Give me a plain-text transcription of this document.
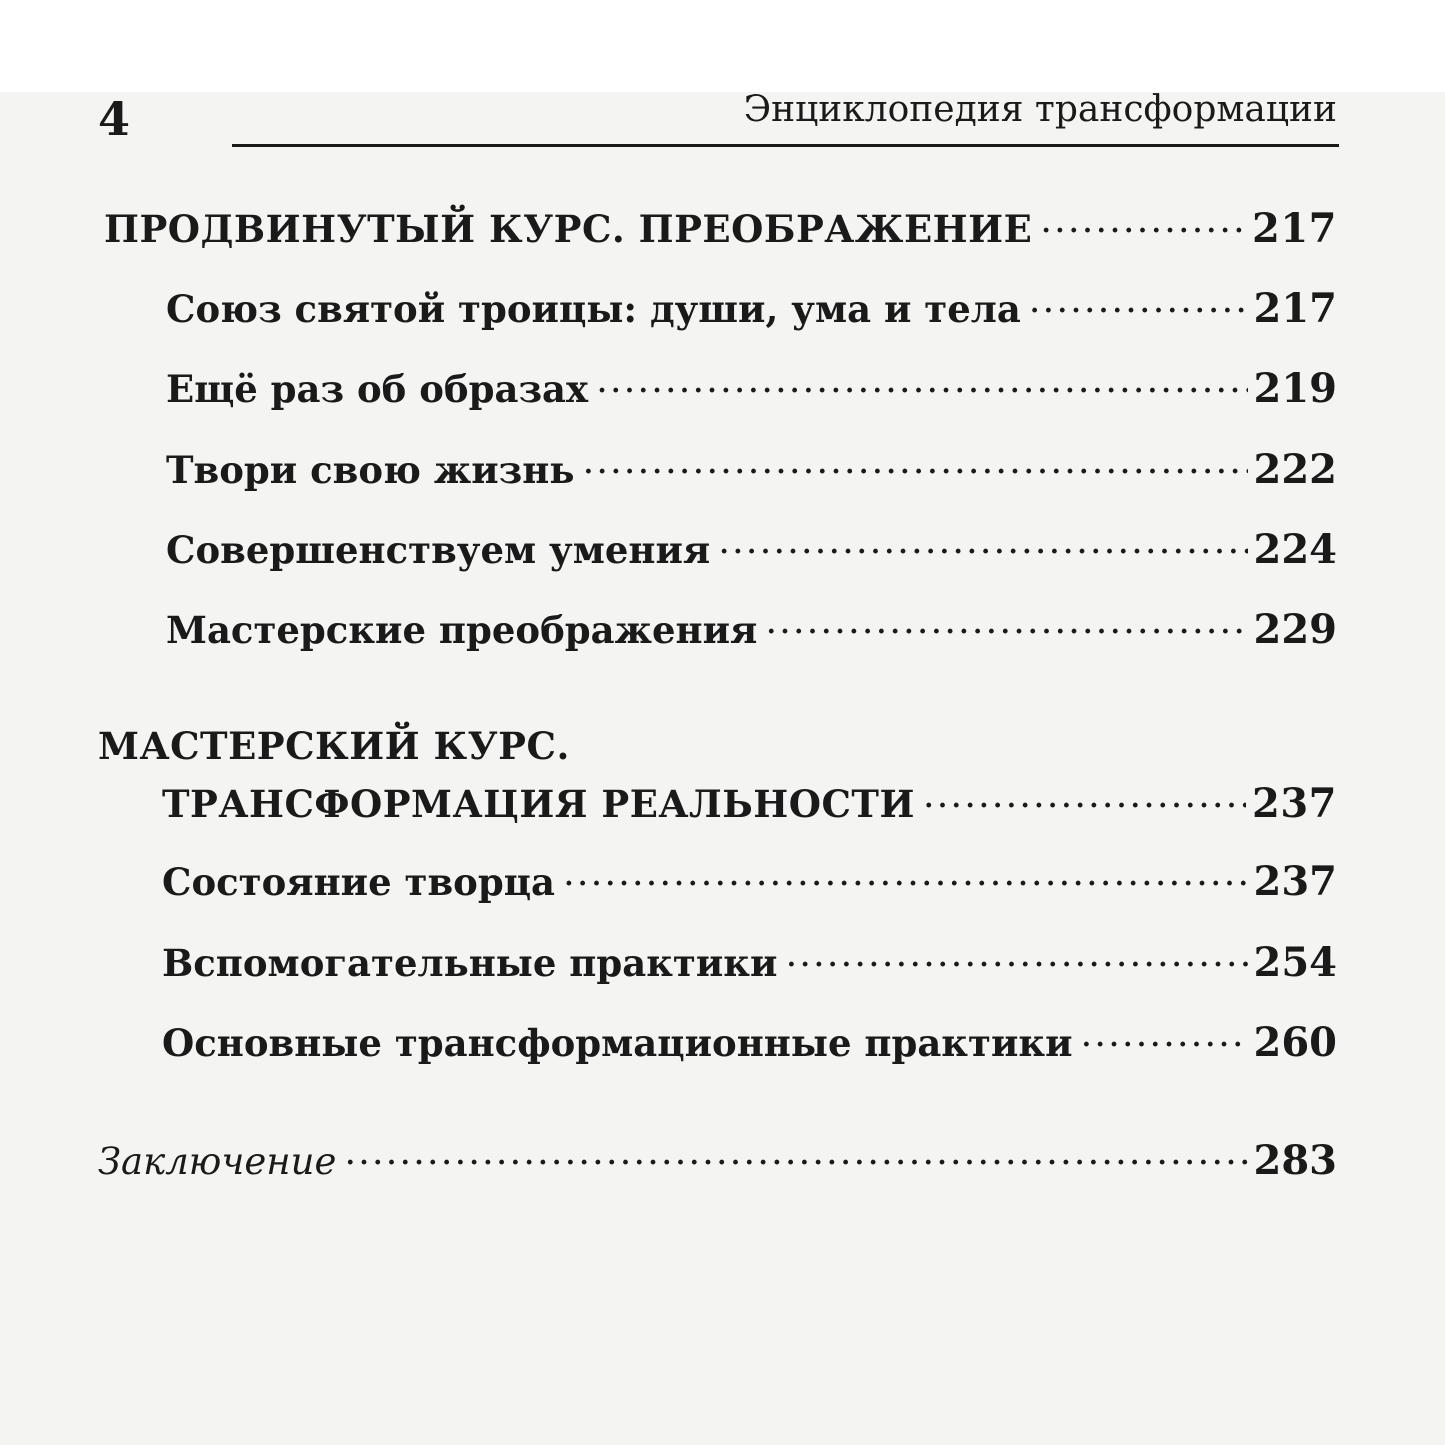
4	Энциклопедия трансформации
ПРОДВИНУТЫЙ КУРС. ПРЕОБРАЖЕНИЕ .....	217
Союз святой троицы: души, ума и тела .....	217
Ещё раз об образах .....	219
Твори свою жизнь .....	222
Совершенствуем умения .....	224
Мастерские преображения .....	229
МАСТЕРСКИЙ КУРС.
ТРАНСФОРМАЦИЯ РЕАЛЬНОСТИ .....	237
Состояние творца .....	237
Вспомогательные практики .....	254
Основные трансформационные практики .....	260
Заключение .....	283
